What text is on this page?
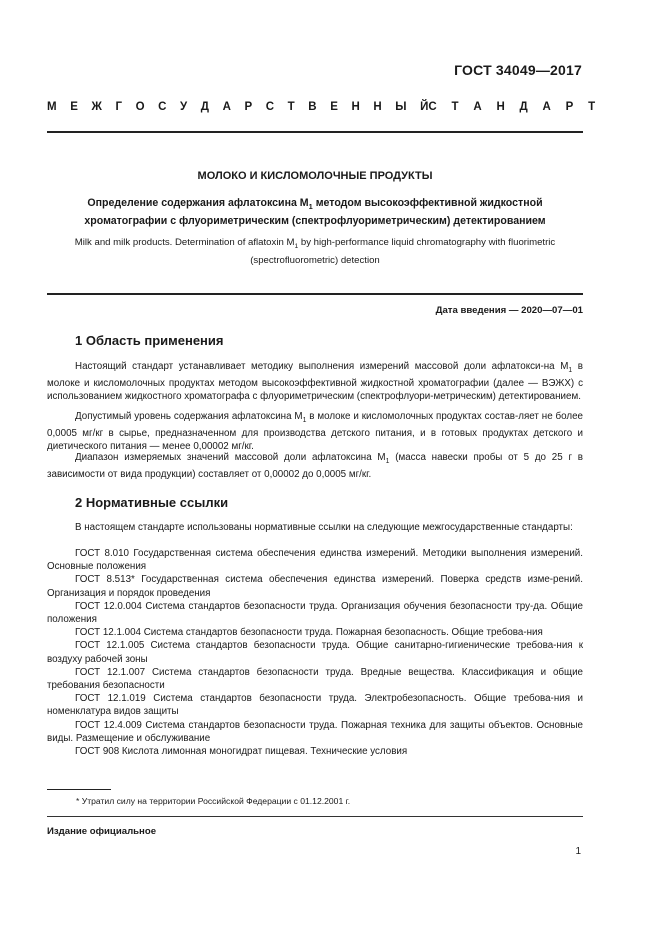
ГОСТ 34049—2017
М Е Ж Г О С У Д А Р С Т В Е Н Н Ы Й С Т А Н Д А Р Т
МОЛОКО И КИСЛОМОЛОЧНЫЕ ПРОДУКТЫ
Определение содержания афлатоксина $М_1$ методом высокоэффективной жидкостной
хроматографии с флуориметрическим (спектрофлуориметрическим) детектированием
Milk and milk products. Determination of aflatoxin $M_1$ by high-performance liquid chromatography with fluorimetric
(spectrofluorometric) detection
Дата введения — 2020—07—01
1 Область применения
Настоящий стандарт устанавливает методику выполнения измерений массовой доли афлатокси-на $М_1$ в молоке и кисломолочных продуктах методом высокоэффективной жидкостной хроматографии (далее — ВЭЖХ) с использованием жидкостного хроматографа с флуориметрическим (спектрофлуори-метрическим) детектированием.
Допустимый уровень содержания афлатоксина $М_1$ в молоке и кисломолочных продуктах состав-ляет не более 0,0005 мг/кг в сырье, предназначенном для производства детского питания, и в готовых продуктах детского и диетического питания — менее 0,00002 мг/кг.
Диапазон измеряемых значений массовой доли афлатоксина $М_1$ (масса навески пробы от 5 до 25 г в зависимости от вида продукции) составляет от 0,00002 до 0,0005 мг/кг.
2 Нормативные ссылки
В настоящем стандарте использованы нормативные ссылки на следующие межгосударственные стандарты:
ГОСТ 8.010 Государственная система обеспечения единства измерений. Методики выполнения измерений. Основные положения
ГОСТ 8.513* Государственная система обеспечения единства измерений. Поверка средств изме-рений. Организация и порядок проведения
ГОСТ 12.0.004 Система стандартов безопасности труда. Организация обучения безопасности тру-да. Общие положения
ГОСТ 12.1.004 Система стандартов безопасности труда. Пожарная безопасность. Общие требова-ния
ГОСТ 12.1.005 Система стандартов безопасности труда. Общие санитарно-гигиенические требова-ния к воздуху рабочей зоны
ГОСТ 12.1.007 Система стандартов безопасности труда. Вредные вещества. Классификация и общие требования безопасности
ГОСТ 12.1.019 Система стандартов безопасности труда. Электробезопасность. Общие требова-ния и номенклатура видов защиты
ГОСТ 12.4.009 Система стандартов безопасности труда. Пожарная техника для защиты объектов. Основные виды. Размещение и обслуживание
ГОСТ 908 Кислота лимонная моногидрат пищевая. Технические условия
* Утратил силу на территории Российской Федерации с 01.12.2001 г.
Издание официальное
1
